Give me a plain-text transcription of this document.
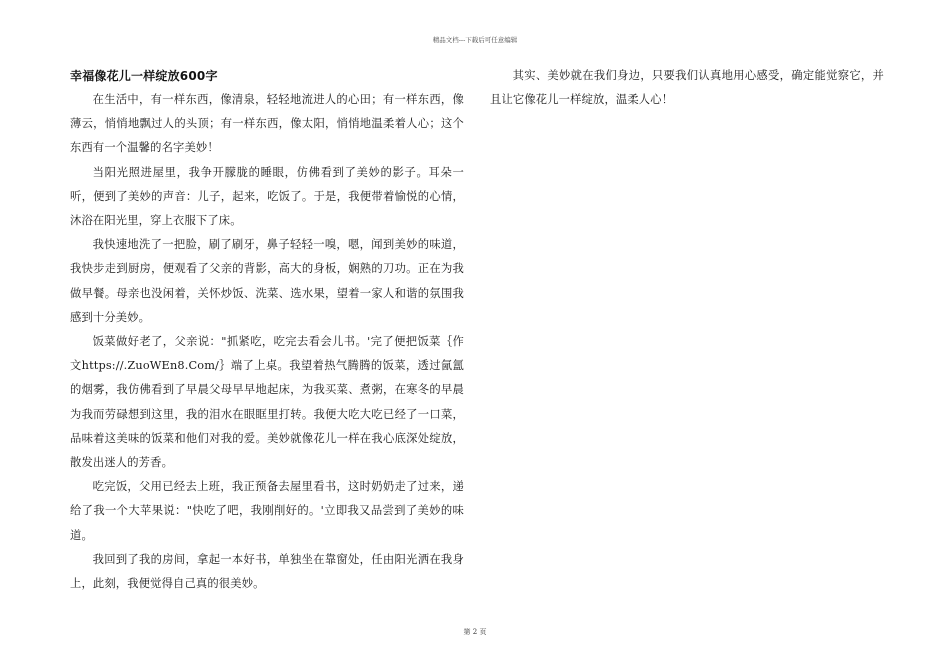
精品文档---下载后可任意编辑
幸福像花儿一样绽放600字

在生活中，有一样东西，像清泉，轻轻地流进人的心田；有一样东西，像薄云，悄悄地飘过人的头顶；有一样东西，像太阳，悄悄地温柔着人心；这个东西有一个温馨的名字美妙！

当阳光照进屋里，我争开朦胧的睡眼，仿佛看到了美妙的影子。耳朵一听，便到了美妙的声音：儿子，起来，吃饭了。于是，我便带着愉悦的心情，沐浴在阳光里，穿上衣服下了床。

我快速地洗了一把脸，刷了刷牙，鼻子轻轻一嗅，嗯，闻到美妙的味道，我快步走到厨房，便观看了父亲的背影，高大的身板，娴熟的刀功。正在为我做早餐。母亲也没闲着，关怀炒饭、洗菜、选水果，望着一家人和谐的氛围我感到十分美妙。

饭菜做好老了，父亲说："抓紧吃，吃完去看会儿书。'完了便把饭菜｛作文https://.ZuoWEn8.Com/｝端了上桌。我望着热气腾腾的饭菜，透过氤氲的烟雾，我仿佛看到了早晨父母早早地起床，为我买菜、煮粥，在寒冬的早晨为我而劳碌想到这里，我的泪水在眼眶里打转。我便大吃大吃已经了一口菜，品味着这美味的饭菜和他们对我的爱。美妙就像花儿一样在我心底深处绽放，散发出迷人的芳香。

吃完饭，父用已经去上班，我正预备去屋里看书，这时奶奶走了过来，递给了我一个大苹果说："快吃了吧，我刚削好的。'立即我又品尝到了美妙的味道。

我回到了我的房间，拿起一本好书，单独坐在靠窗处，任由阳光洒在我身上，此刻，我便觉得自己真的很美妙。

其实、美妙就在我们身边，只要我们认真地用心感受，确定能觉察它，并且让它像花儿一样绽放，温柔人心！

第 2 页
